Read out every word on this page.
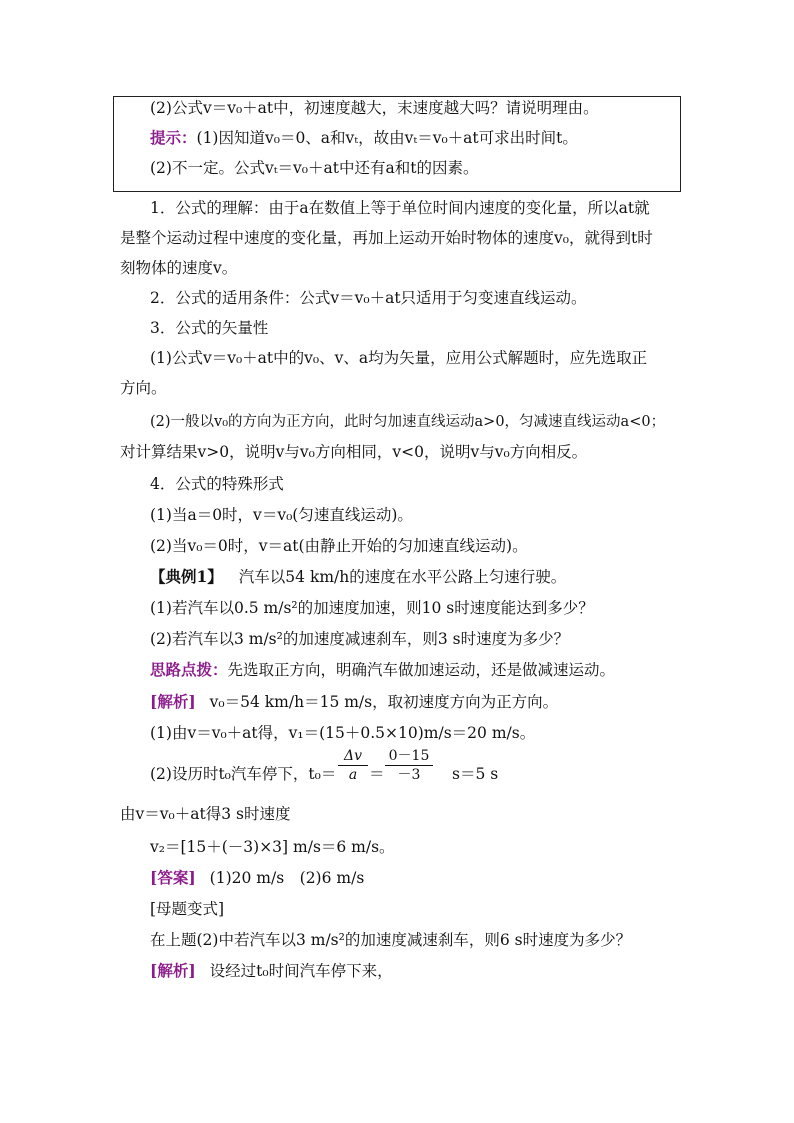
(2)公式v＝v₀＋at中，初速度越大，末速度越大吗？请说明理由。
提示：(1)因知道v₀＝0、a和vₜ，故由vₜ＝v₀＋at可求出时间t。
(2)不一定。公式vₜ＝v₀＋at中还有a和t的因素。
1．公式的理解：由于a在数值上等于单位时间内速度的变化量，所以at就
是整个运动过程中速度的变化量，再加上运动开始时物体的速度v₀，就得到t时
刻物体的速度v。
2．公式的适用条件：公式v＝v₀＋at只适用于匀变速直线运动。
3．公式的矢量性
(1)公式v＝v₀＋at中的v₀、v、a均为矢量，应用公式解题时，应先选取正
方向。
(2)一般以v₀的方向为正方向，此时匀加速直线运动a>0，匀减速直线运动a<0；
对计算结果v>0，说明v与v₀方向相同，v<0，说明v与v₀方向相反。
4．公式的特殊形式
(1)当a＝0时，v＝v₀(匀速直线运动)。
(2)当v₀＝0时，v＝at(由静止开始的匀加速直线运动)。
【典例1】 汽车以54 km/h的速度在水平公路上匀速行驶。
(1)若汽车以0.5 m/s²的加速度加速，则10 s时速度能达到多少？
(2)若汽车以3 m/s²的加速度减速刹车，则3 s时速度为多少？
思路点拨：先选取正方向，明确汽车做加速运动，还是做减速运动。
[解析] v₀＝54 km/h＝15 m/s，取初速度方向为正方向。
(1)由v＝v₀＋at得，v₁＝(15＋0.5×10)m/s＝20 m/s。
(2)设历时t₀汽车停下，$t_0= \frac{\Delta v}{a} = \frac{0-15}{-3} s=5$ s
由v＝v₀＋at得3 s时速度
v₂＝[15＋(－3)×3] m/s＝6 m/s。
[答案] (1)20 m/s　(2)6 m/s
[母题变式]
在上题(2)中若汽车以3 m/s²的加速度减速刹车，则6 s时速度为多少？
[解析] 设经过t₀时间汽车停下来，
